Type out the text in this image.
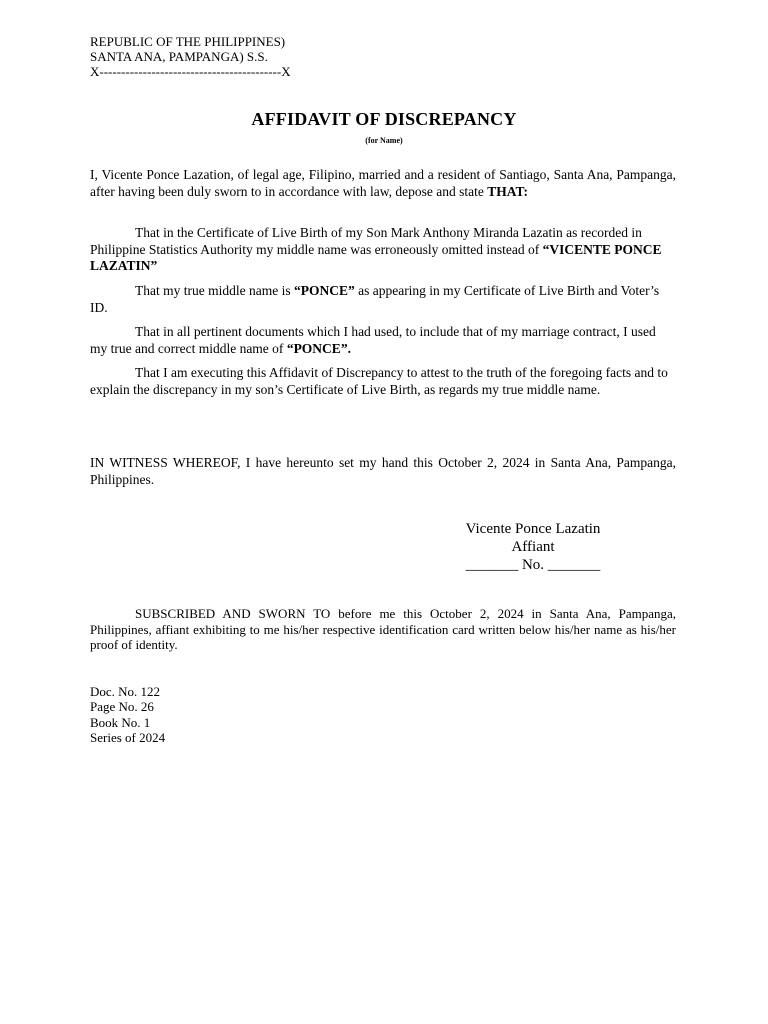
REPUBLIC OF THE PHILIPPINES)

SANTA ANA, PAMPANGA) S.S.

X------------------------------------------X

AFFIDAVIT OF DISCREPANCY

(for Name)

I, Vicente Ponce Lazation, of legal age, Filipino, married and a resident of Santiago, Santa Ana, Pampanga, after having been duly sworn to in accordance with law, depose and state THAT:

That in the Certificate of Live Birth of my Son Mark Anthony Miranda Lazatin as recorded in Philippine Statistics Authority my middle name was erroneously omitted instead of “VICENTE PONCE LAZATIN”

That my true middle name is “PONCE” as appearing in my Certificate of Live Birth and Voter’s ID.

That in all pertinent documents which I had used, to include that of my marriage contract, I used my true and correct middle name of “PONCE”.

That I am executing this Affidavit of Discrepancy to attest to the truth of the foregoing facts and to explain the discrepancy in my son’s Certificate of Live Birth, as regards my true middle name.

IN WITNESS WHEREOF, I have hereunto set my hand this October 2, 2024 in Santa Ana, Pampanga, Philippines.

Vicente Ponce Lazatin

Affiant

_______ No. _______

SUBSCRIBED AND SWORN TO before me this October 2, 2024 in Santa Ana, Pampanga, Philippines, affiant exhibiting to me his/her respective identification card written below his/her name as his/her proof of identity.

Doc. No. 122

Page No. 26

Book No. 1

Series of 2024
